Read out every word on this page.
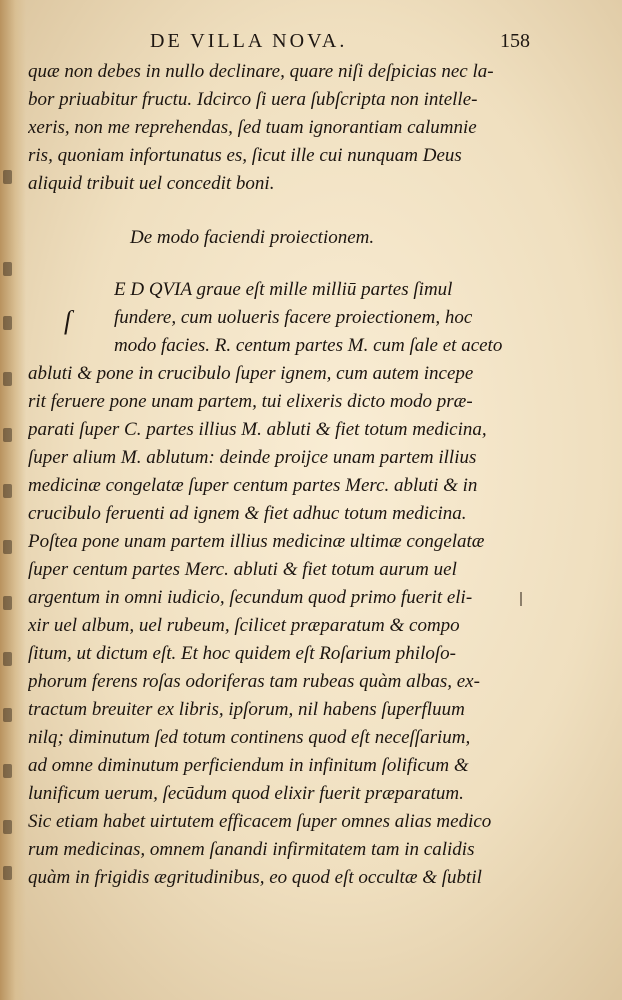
DE VILLA NOVA.	158
quæ non debes in nullo declinare, quare niſi deſpicias nec la-
bor priuabitur fructu. Idcirco ſi uera ſubſcripta non intelle-
xeris, non me reprehendas, ſed tuam ignorantiam calumnie
ris, quoniam infortunatus es, ſicut ille cui nunquam Deus
aliquid tribuit uel concedit boni.
De modo faciendi proiectionem.
ſ
E D QVIA graue eſt mille milliū partes ſimul
fundere, cum uolueris facere proiectionem, hoc
modo facies. R. centum partes M. cum ſale et aceto
abluti & pone in crucibulo ſuper ignem, cum autem incepe
rit feruere pone unam partem, tui elixeris dicto modo præ-
parati ſuper C. partes illius M. abluti & fiet totum medicina,
ſuper alium M. ablutum: deinde proijce unam partem illius
medicinæ congelatæ ſuper centum partes Merc. abluti & in
crucibulo feruenti ad ignem & fiet adhuc totum medicina.
Poſtea pone unam partem illius medicinæ ultimæ congelatæ
ſuper centum partes Merc. abluti & fiet totum aurum uel
argentum in omni iudicio, ſecundum quod primo fuerit eli-
xir uel album, uel rubeum, ſcilicet præparatum & compo
ſitum, ut dictum eſt. Et hoc quidem eſt Roſarium philoſo-
phorum ferens roſas odoriferas tam rubeas quàm albas, ex-
tractum breuiter ex libris, ipſorum, nil habens ſuperfluum
nilq; diminutum ſed totum continens quod eſt neceſſarium,
ad omne diminutum perficiendum in infinitum ſolificum &
lunificum uerum, ſecūdum quod elixir fuerit præparatum.
Sic etiam habet uirtutem efficacem ſuper omnes alias medico
rum medicinas, omnem ſanandi infirmitatem tam in calidis
quàm in frigidis ægritudinibus, eo quod eſt occultæ & ſubtil
